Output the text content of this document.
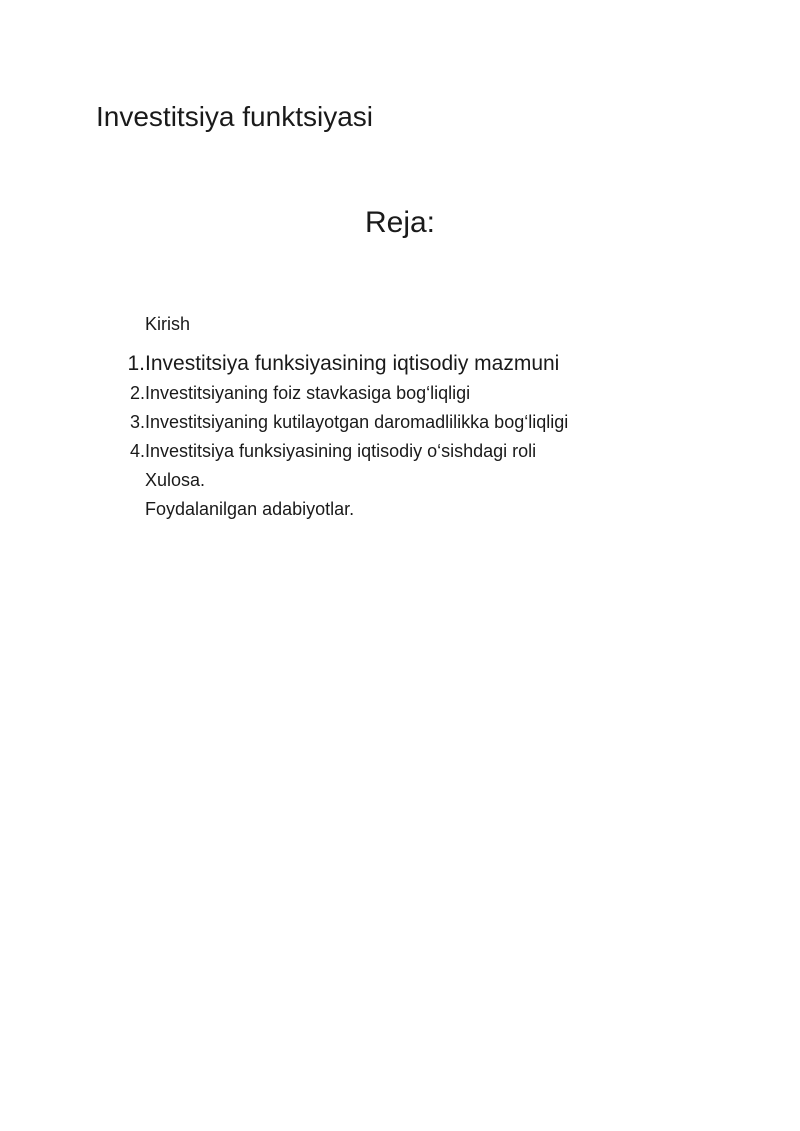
Investitsiya funktsiyasi
Reja:
Kirish
1. Investitsiya funksiyasining iqtisodiy mazmuni
2. Investitsiyaning foiz stavkasiga bog‘liqligi
3. Investitsiyaning kutilayotgan daromadlilikka bog‘liqligi
4. Investitsiya funksiyasining iqtisodiy o‘sishdagi roli
Xulosa.
Foydalanilgan adabiyotlar.
